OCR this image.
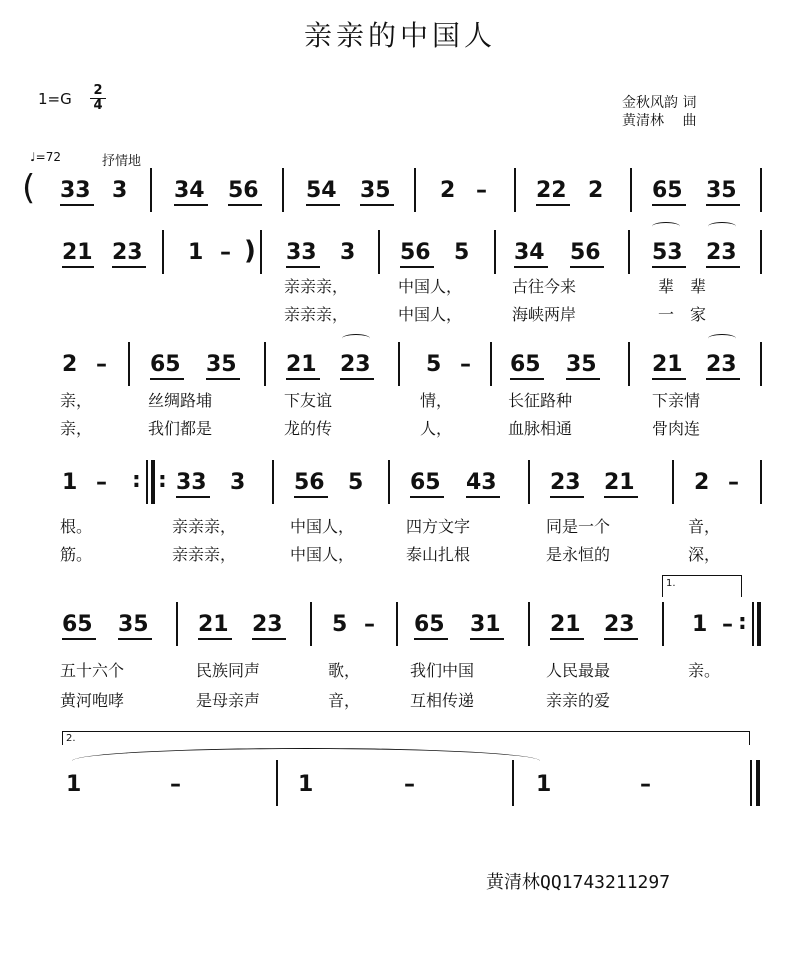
亲亲的中国人
$1=G \frac{2}{4}$	金秋风韵 词
黄清林　 曲
♩=72	抒情地
( 33 3 34 56 54 35 2 – 22 2 65 35
21 23 1 – ) 33 3 56 5 34 56 53 23
亲亲亲，	中国人，	古往今来	辈　辈
亲亲亲，	中国人，	海峡两岸	一　家
2 – 65 35 21 23	5 – 65 35	21 23
亲，	丝绸路埔	下友谊	情，	长征路种	下亲情
亲，	我们都是	龙的传	人，	血脉相通	骨肉连
1 – : : 33 3 56 5 65 43 23 21	2 –
根。	亲亲亲，	中国人，	四方文字	同是一个	音，
筋。	亲亲亲，	中国人，	泰山扎根	是永恒的	深，
1.
65 35 21 23 5 – 65 31 21 23	1 – :
五十六个	民族同声	歌，	我们中国	人民最最	亲。
黄河咆哮	是母亲声	音，	互相传递	亲亲的爱
2.
1	–	1	–	1	–
黄清林QQ1743211297
